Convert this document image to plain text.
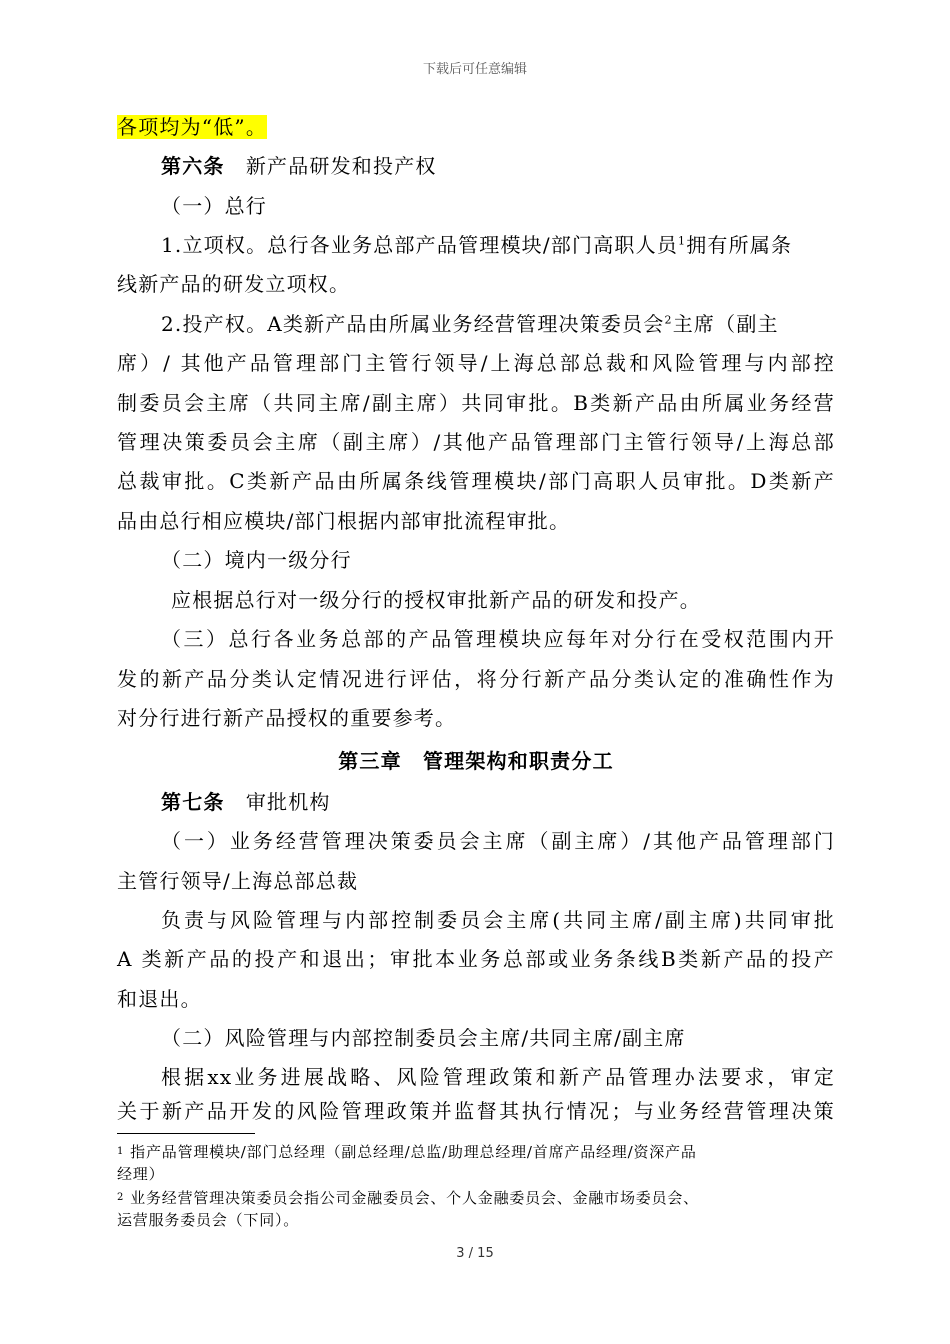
下载后可任意编辑
各项均为“低”。
第六条　 新产品研发和投产权
（一）总行
1.立项权。总行各业务总部产品管理模块/部门高职人员$^1$拥有所属条
线新产品的研发立项权。
2.投产权。A类新产品由所属业务经营管理决策委员会$^2$主席（副主
席）/ 其他产品管理部门主管行领导/上海总部总裁和风险管理与内部控
制委员会主席（共同主席/副主席）共同审批。B类新产品由所属业务经营
管理决策委员会主席（副主席）/其他产品管理部门主管行领导/上海总部
总裁审批。C类新产品由所属条线管理模块/部门高职人员审批。D类新产
品由总行相应模块/部门根据内部审批流程审批。
（二）境内一级分行
应根据总行对一级分行的授权审批新产品的研发和投产。
（三）总行各业务总部的产品管理模块应每年对分行在受权范围内开
发的新产品分类认定情况进行评估，将分行新产品分类认定的准确性作为
对分行进行新产品授权的重要参考。
第三章　管理架构和职责分工
第七条　 审批机构
（一）业务经营管理决策委员会主席（副主席）/其他产品管理部门
主管行领导/上海总部总裁
负责与风险管理与内部控制委员会主席(共同主席/副主席)共同审批
A 类新产品的投产和退出；审批本业务总部或业务条线B类新产品的投产
和退出。
（二）风险管理与内部控制委员会主席/共同主席/副主席
根据xx业务进展战略、风险管理政策和新产品管理办法要求，审定
关于新产品开发的风险管理政策并监督其执行情况；与业务经营管理决策
$^1$ 指产品管理模块/部门总经理（副总经理/总监/助理总经理/首席产品经理/资深产品
经理）
$^2$ 业务经营管理决策委员会指公司金融委员会、个人金融委员会、金融市场委员会、
运营服务委员会（下同）。
3 / 15
